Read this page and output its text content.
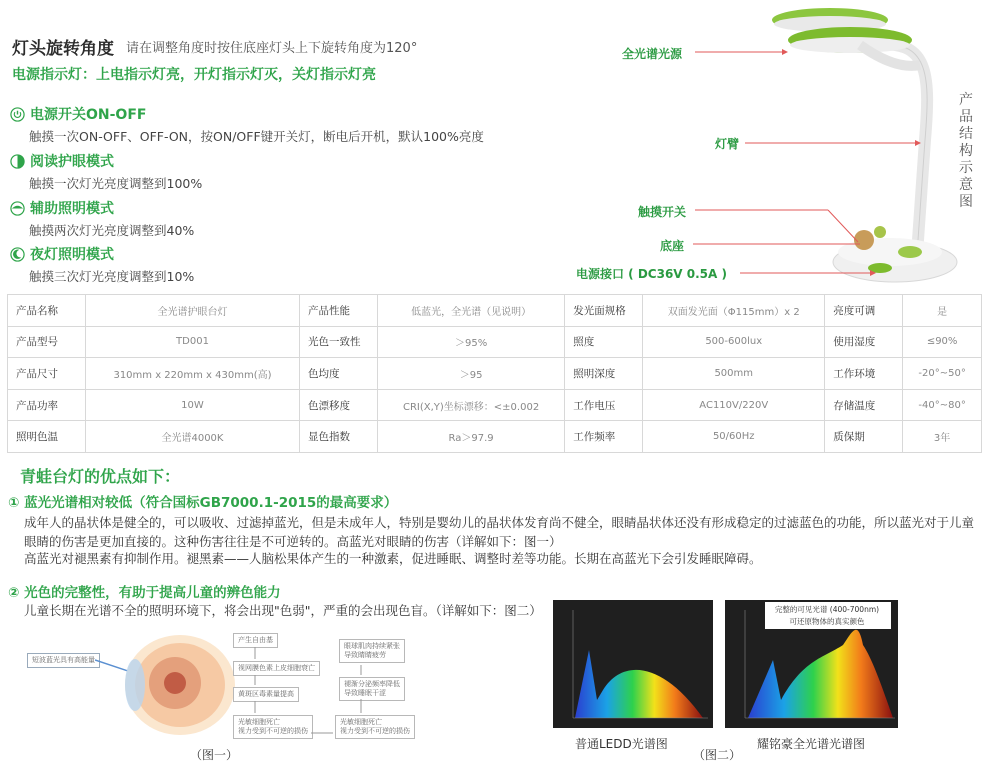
灯头旋转角度 请在调整角度时按住底座灯头上下旋转角度为120°
电源指示灯：上电指示灯亮，开灯指示灯灭，关灯指示灯亮
电源开关ON-OFF
触摸一次ON-OFF、OFF-ON，按ON/OFF键开关灯，断电后开机，默认100%亮度
阅读护眼模式
触摸一次灯光亮度调整到100%
辅助照明模式
触摸两次灯光亮度调整到40%
夜灯照明模式
触摸三次灯光亮度调整到10%
全光谱光源
灯臂
触摸开关
底座
电源接口 ( DC36V 0.5A )
产品结构示意图
产品名称	全光谱护眼台灯	产品性能	低蓝光，全光谱（见说明）	发光面规格	双面发光面（Φ115mm）x 2	亮度可调	是
产品型号	TD001	光色一致性	＞95%	照度	500-600lux	使用湿度	≤90%
产品尺寸	310mm x 220mm x 430mm(高)	色均度	＞95	照明深度	500mm	工作环境	-20°~50°
产品功率	10W	色漂移度	CRI(X,Y)坐标漂移：<±0.002	工作电压	AC110V/220V	存储温度	-40°~80°
照明色温	全光谱4000K	显色指数	Ra＞97.9	工作频率	50/60Hz	质保期	3年
青蛙台灯的优点如下：
① 蓝光光谱相对较低（符合国标GB7000.1-2015的最高要求）
成年人的晶状体是健全的，可以吸收、过滤掉蓝光，但是未成年人，特别是婴幼儿的晶状体发育尚不健全，眼睛晶状体还没有形成稳定的过滤蓝色的功能，所以蓝光对于儿童眼睛的伤害是更加直接的。这种伤害往往是不可逆转的。高蓝光对眼睛的伤害（详解如下：图一）
高蓝光对褪黑素有抑制作用。褪黑素——人脑松果体产生的一种激素，促进睡眠、调整时差等功能。长期在高蓝光下会引发睡眠障碍。
② 光色的完整性，有助于提高儿童的辨色能力
儿童长期在光谱不全的照明环境下，将会出现"色弱"，严重的会出现色盲。（详解如下：图二）
短波蓝光具有高能量
产生自由基
视网膜色素上皮细胞衰亡
黄斑区毒素量提高
光敏细胞死亡
视力受到不可逆的损伤
眼球肌肉持续紧张
导致睛睛疲劳
褪渐分泌频率降低
导致睡眠干涩
光敏细胞死亡
视力受到不可逆的损伤
（图一）
完整的可见光谱 (400-700nm)
可还原物体的真实颜色
普通LEDD光谱图
（图二）
耀铭豪全光谱光谱图
